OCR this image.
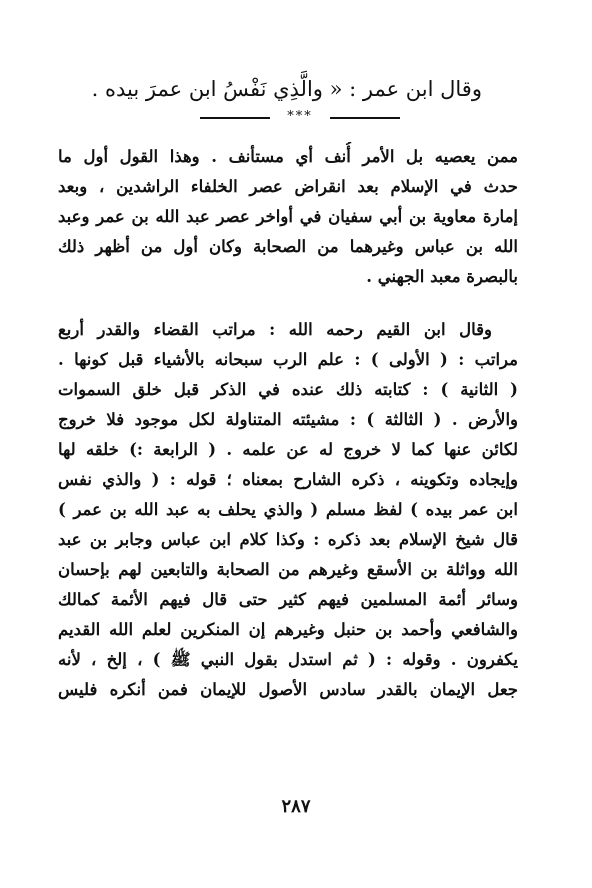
وقال ابن عمر : « والَّذِي نَفْسُ ابن عمرَ بيده .
***
ممن يعصيه بل الأمر أُنف أي مستأنف . وهذا القول أول ما
حدث في الإسلام بعد انقراض عصر الخلفاء الراشدين ، وبعد
إمارة معاوية بن أبي سفيان في أواخر عصر عبد الله بن عمر وعبد
الله بن عباس وغيرهما من الصحابة وكان أول من أظهر ذلك
بالبصرة معبد الجهني .
وقال ابن القيم رحمه الله : مراتب القضاء والقدر أربع
مراتب : ( الأولى ) : علم الرب سبحانه بالأشياء قبل كونها .
( الثانية ) : كتابته ذلك عنده في الذكر قبل خلق السموات
والأرض . ( الثالثة ) : مشيئته المتناولة لكل موجود فلا خروج
لكائن عنها كما لا خروج له عن علمه . ( الرابعة :) خلقه لها
وإيجاده وتكوينه ، ذكره الشارح بمعناه ؛ قوله : ( والذي نفس
ابن عمر بيده ) لفظ مسلم ( والذي يحلف به عبد الله بن عمر )
قال شيخ الإسلام بعد ذكره : وكذا كلام ابن عباس وجابر بن عبد
الله وواثلة بن الأسقع وغيرهم من الصحابة والتابعين لهم بإحسان
وسائر أئمة المسلمين فيهم كثير حتى قال فيهم الأئمة كمالك
والشافعي وأحمد بن حنبل وغيرهم إن المنكرين لعلم الله القديم
يكفرون . وقوله : ( ثم استدل بقول النبي ﷺ ) ، إلخ ، لأنه
جعل الإيمان بالقدر سادس الأصول للإيمان فمن أنكره فليس
٢٨٧
